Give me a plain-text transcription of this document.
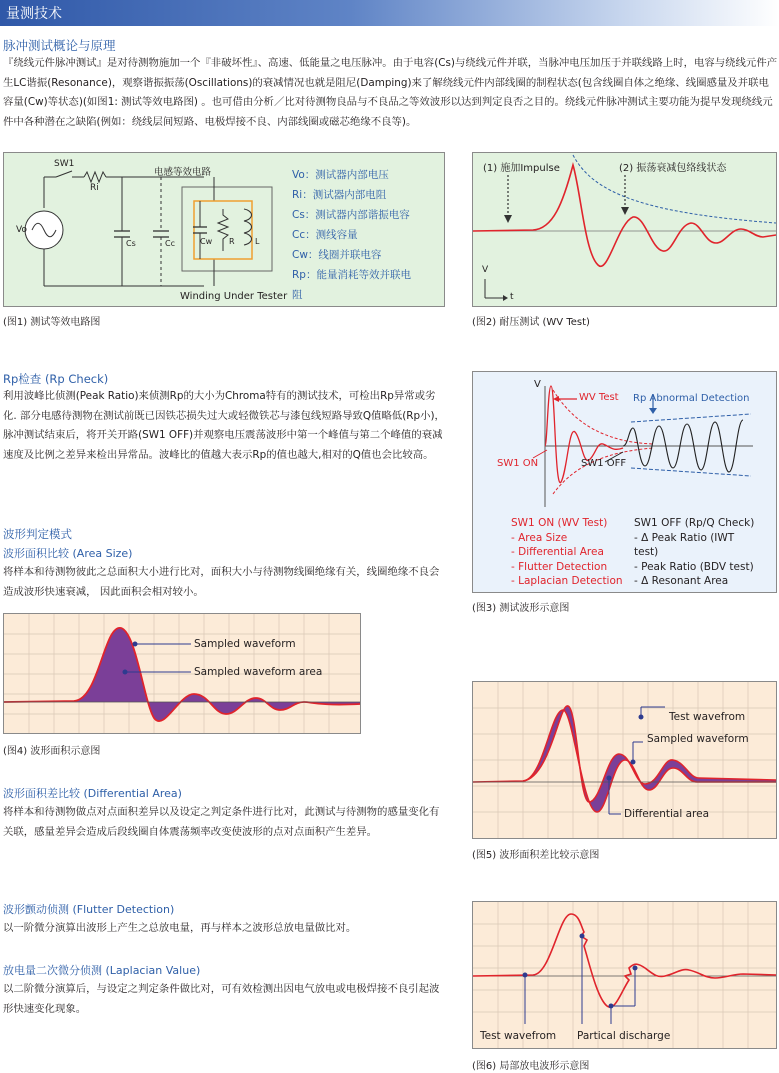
量测技术
脉冲测试概论与原理
『绕线元件脉冲测试』是对待测物施加一个『非破坏性』、高速、低能量之电压脉冲。由于电容(Cs)与绕线元件并联，当脉冲电压加压于并联线路上时，电容与绕线元件产生LC谐振(Resonance)，观察谐振振荡(Oscillations)的衰减情况也就是阻尼(Damping)来了解绕线元件内部线圈的制程状态(包含线圈自体之绝缘、线圈感量及并联电容量(Cw)等状态)(如图1: 测试等效电路图) 。也可借由分析／比对待测物良品与不良品之等效波形以达到判定良否之目的。绕线元件脉冲测试主要功能为提早发现绕线元件中各种潜在之缺陷(例如：绕线层间短路、电极焊接不良、内部线圈或磁芯绝缘不良等)。
SW1
Ri
Vo
Cs	Cc	Cw R	L
电感等效电路
Winding Under Tester
Vo：测试器内部电压
Ri：测试器内部电阻
Cs：测试器内部谐振电容
Cc：测线容量
Cw：线圈并联电容
Rp：能量消耗等效并联电
阻
(图1) 测试等效电路图
(1) 施加Impulse	(2) 振荡衰减包络线状态
V
t
(图2) 耐压测试 (WV Test)
Rp检查 (Rp Check)
利用波峰比侦测(Peak Ratio)来侦测Rp的大小为Chroma特有的测试技术，可检出Rp异常或劣化. 部分电感待测物在测试前既已因铁芯损失过大或轻微铁芯与漆包线短路导致Q值略低(Rp小)，脉冲测试结束后，将开关开路(SW1 OFF)并观察电压震荡波形中第一个峰值与第二个峰值的衰减速度及比例之差异来检出异常品。波峰比的值越大表示Rp的值也越大,相对的Q值也会比较高。
V
WV Test Rp Abnormal Detection
SW1 ON	SW1 OFF
SW1 ON (WV Test)
- Area Size
- Differential Area
- Flutter Detection
- Laplacian Detection
SW1 OFF (Rp/Q Check)
- Δ Peak Ratio (IWT
test)
- Peak Ratio (BDV test)
- Δ Resonant Area
(图3) 测试波形示意图
波形判定模式
波形面积比较 (Area Size)
将样本和待测物彼此之总面积大小进行比对，面积大小与待测物线圈绝缘有关，线圈绝缘不良会造成波形快速衰减， 因此面积会相对较小。
Sampled waveform
Sampled waveform area
(图4) 波形面积示意图
波形面积差比较 (Differential Area)
将样本和待测物做点对点面积差异以及设定之判定条件进行比对，此测试与待测物的感量变化有关联，感量差异会造成后段线圈自体震荡频率改变使波形的点对点面积产生差异。
Test wavefrom
Sampled waveform
Differential area
(图5) 波形面积差比较示意图
波形颤动侦测 (Flutter Detection)
以一阶微分演算出波形上产生之总放电量，再与样本之波形总放电量做比对。
放电量二次微分侦测 (Laplacian Value)
以二阶微分演算后，与设定之判定条件做比对，可有效检测出因电气放电或电极焊接不良引起波形快速变化现象。
Test wavefrom Partical discharge
(图6) 局部放电波形示意图
